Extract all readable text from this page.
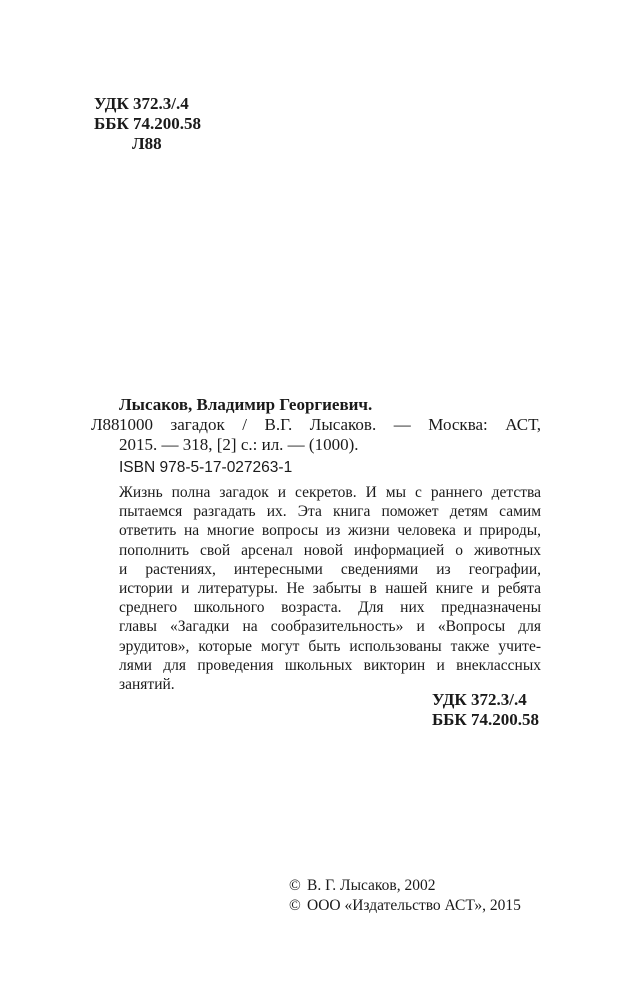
УДК 372.3/.4
ББК 74.200.58
Л88
Лысаков, Владимир Георгиевич.
Л88 1000 загадок / В.Г. Лысаков. — Москва: АСТ,
2015. — 318, [2] с.: ил. — (1000).
ISBN 978-5-17-027263-1
Жизнь полна загадок и секретов. И мы с раннего детства
пытаемся разгадать их. Эта книга поможет детям самим
ответить на многие вопросы из жизни человека и природы,
пополнить свой арсенал новой информацией о животных
и растениях, интересными сведениями из географии,
истории и литературы. Не забыты в нашей книге и ребята
среднего школьного возраста. Для них предназначены
главы «Загадки на сообразительность» и «Вопросы для
эрудитов», которые могут быть использованы также учите-
лями для проведения школьных викторин и внеклассных
занятий.
УДК 372.3/.4
ББК 74.200.58
© В. Г. Лысаков, 2002
© ООО «Издательство АСТ», 2015
